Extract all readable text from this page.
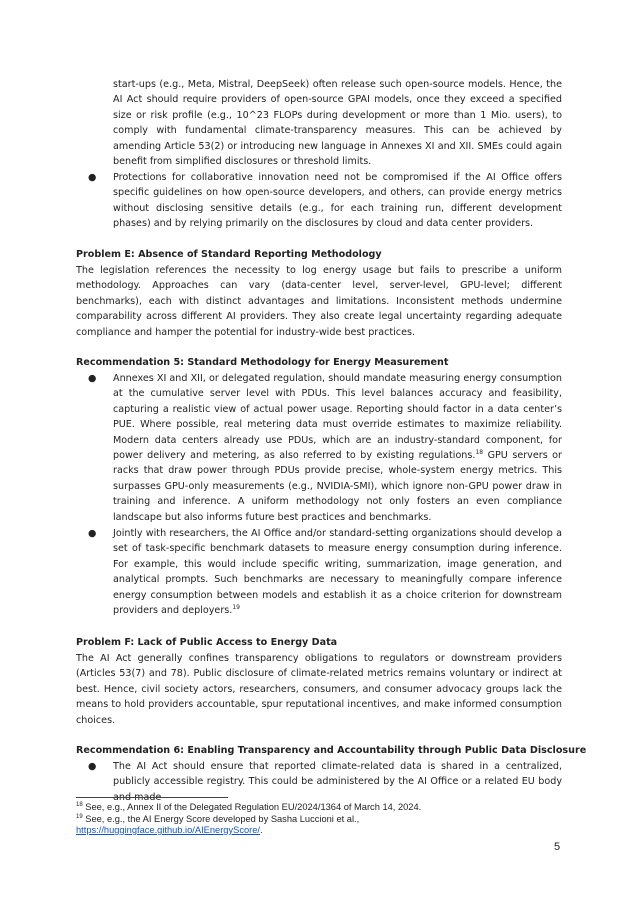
start-ups (e.g., Meta, Mistral, DeepSeek) often release such open-source models. Hence, the AI Act should require providers of open-source GPAI models, once they exceed a specified size or risk profile (e.g., 10^23 FLOPs during development or more than 1 Mio. users), to comply with fundamental climate-transparency measures. This can be achieved by amending Article 53(2) or introducing new language in Annexes XI and XII. SMEs could again benefit from simplified disclosures or threshold limits.

● Protections for collaborative innovation need not be compromised if the AI Office offers specific guidelines on how open-source developers, and others, can provide energy metrics without disclosing sensitive details (e.g., for each training run, different development phases) and by relying primarily on the disclosures by cloud and data center providers.

Problem E: Absence of Standard Reporting Methodology

The legislation references the necessity to log energy usage but fails to prescribe a uniform methodology. Approaches can vary (data-center level, server-level, GPU-level; different benchmarks), each with distinct advantages and limitations. Inconsistent methods undermine comparability across different AI providers. They also create legal uncertainty regarding adequate compliance and hamper the potential for industry-wide best practices.

Recommendation 5: Standard Methodology for Energy Measurement

● Annexes XI and XII, or delegated regulation, should mandate measuring energy consumption at the cumulative server level with PDUs. This level balances accuracy and feasibility, capturing a realistic view of actual power usage. Reporting should factor in a data center’s PUE. Where possible, real metering data must override estimates to maximize reliability. Modern data centers already use PDUs, which are an industry-standard component, for power delivery and metering, as also referred to by existing regulations.$^{18}$ GPU servers or racks that draw power through PDUs provide precise, whole-system energy metrics. This surpasses GPU-only measurements (e.g., NVIDIA-SMI), which ignore non-GPU power draw in training and inference. A uniform methodology not only fosters an even compliance landscape but also informs future best practices and benchmarks.

● Jointly with researchers, the AI Office and/or standard-setting organizations should develop a set of task-specific benchmark datasets to measure energy consumption during inference. For example, this would include specific writing, summarization, image generation, and analytical prompts. Such benchmarks are necessary to meaningfully compare inference energy consumption between models and establish it as a choice criterion for downstream providers and deployers.$^{19}$

Problem F: Lack of Public Access to Energy Data

The AI Act generally confines transparency obligations to regulators or downstream providers (Articles 53(7) and 78). Public disclosure of climate-related metrics remains voluntary or indirect at best. Hence, civil society actors, researchers, consumers, and consumer advocacy groups lack the means to hold providers accountable, spur reputational incentives, and make informed consumption choices.

Recommendation 6: Enabling Transparency and Accountability through Public Data Disclosure

● The AI Act should ensure that reported climate-related data is shared in a centralized, publicly accessible registry. This could be administered by the AI Office or a related EU body and made

$^{18}$ See, e.g., Annex II of the Delegated Regulation EU/2024/1364 of March 14, 2024.

$^{19}$ See, e.g., the AI Energy Score developed by Sasha Luccioni et al.,
https://huggingface.github.io/AIEnergyScore/.

5
